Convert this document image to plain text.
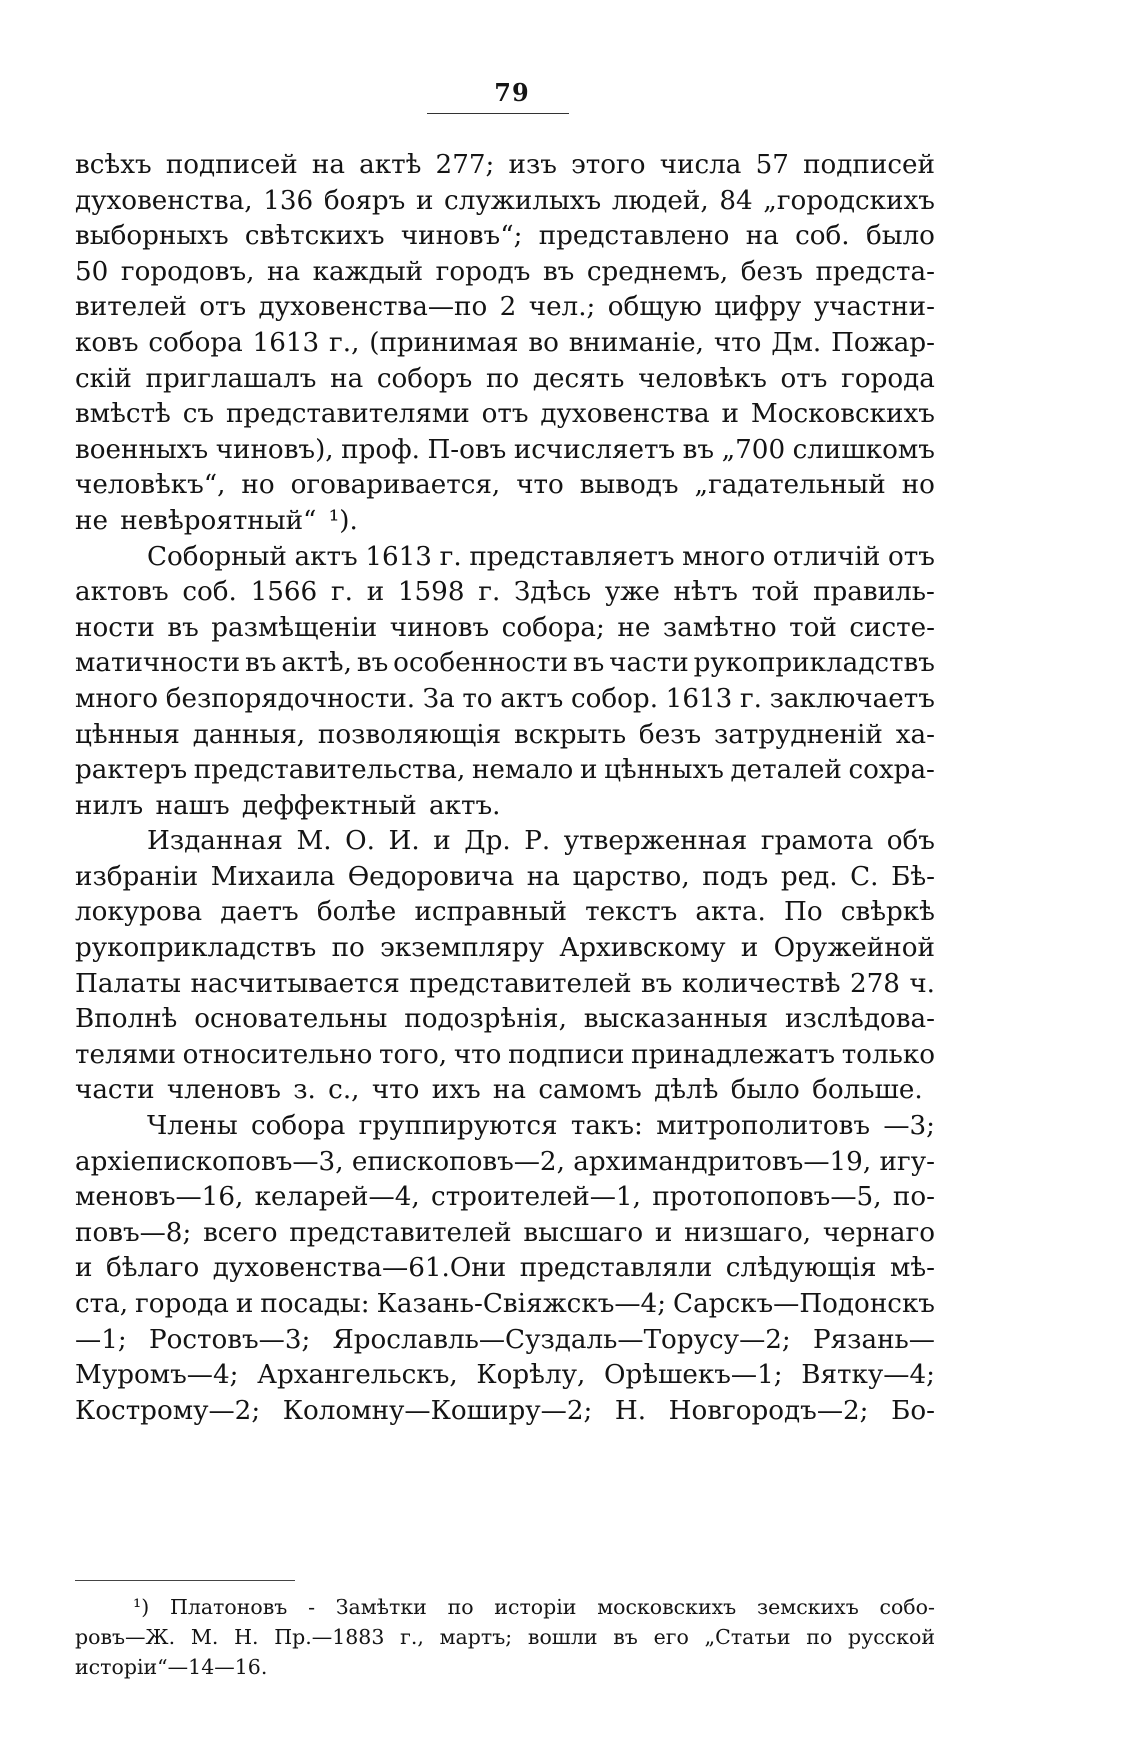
79
всѣхъ подписей на актѣ 277; изъ этого числа 57 подписей
духовенства, 136 бояръ и служилыхъ людей, 84 „городскихъ
выборныхъ свѣтскихъ чиновъ“; представлено на соб. было
50 городовъ, на каждый городъ въ среднемъ, безъ предста-
вителей отъ духовенства—по 2 чел.; общую цифру участни-
ковъ собора 1613 г., (принимая во вниманіе, что Дм. Пожар-
скій приглашалъ на соборъ по десять человѣкъ отъ города
вмѣстѣ съ представителями отъ духовенства и Московскихъ
военныхъ чиновъ), проф. П-овъ исчисляетъ въ „700 слишкомъ
человѣкъ“, но оговаривается, что выводъ „гадательный но
не невѣроятный“ ¹).
Соборный актъ 1613 г. представляетъ много отличій отъ
актовъ соб. 1566 г. и 1598 г. Здѣсь уже нѣтъ той правиль-
ности въ размѣщеніи чиновъ собора; не замѣтно той систе-
матичности въ актѣ, въ особенности въ части рукоприкладствъ
много безпорядочности. За то актъ собор. 1613 г. заключаетъ
цѣнныя данныя, позволяющія вскрыть безъ затрудненій ха-
рактеръ представительства, немало и цѣнныхъ деталей сохра-
нилъ нашъ деффектный актъ.
Изданная М. О. И. и Др. Р. утверженная грамота объ
избраніи Михаила Ѳедоровича на царство, подъ ред. С. Бѣ-
локурова даетъ болѣе исправный текстъ акта. По свѣркѣ
рукоприкладствъ по экземпляру Архивскому и Оружейной
Палаты насчитывается представителей въ количествѣ 278 ч.
Вполнѣ основательны подозрѣнія, высказанныя изслѣдова-
телями относительно того, что подписи принадлежатъ только
части членовъ з. с., что ихъ на самомъ дѣлѣ было больше.
Члены собора группируются такъ: митрополитовъ —3;
архіепископовъ—3, епископовъ—2, архимандритовъ—19, игу-
меновъ—16, келарей—4, строителей—1, протопоповъ—5, по-
повъ—8; всего представителей высшаго и низшаго, чернаго
и бѣлаго духовенства—61.Они представляли слѣдующія мѣ-
ста, города и посады: Казань-Свіяжскъ—4; Сарскъ—Подонскъ
—1; Ростовъ—3; Ярославль—Суздаль—Торусу—2; Рязань—
Муромъ—4; Архангельскъ, Корѣлу, Орѣшекъ—1; Вятку—4;
Кострому—2; Коломну—Коширу—2; Н. Новгородъ—2; Бо-
¹) Платоновъ - Замѣтки по исторіи московскихъ земскихъ собо-
ровъ—Ж. М. Н. Пр.—1883 г., мартъ; вошли въ его „Статьи по русской
исторіи“—14—16.
